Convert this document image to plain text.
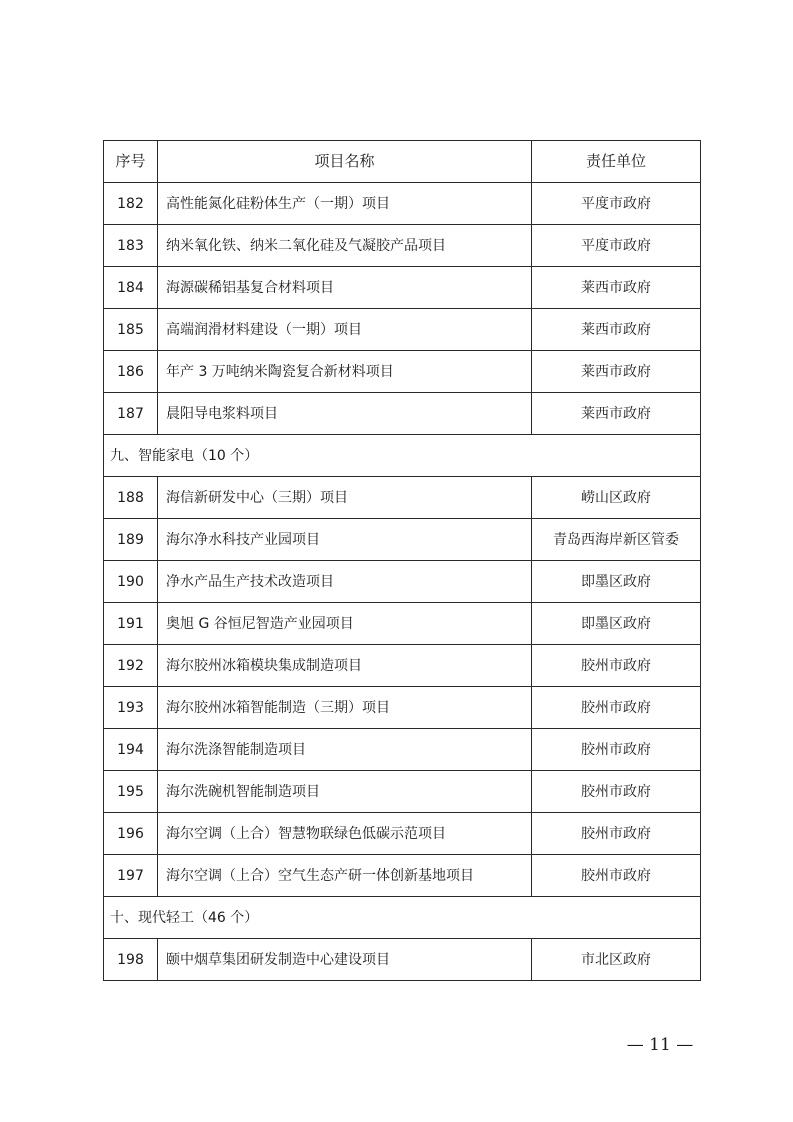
序号	项目名称	责任单位
182	高性能氮化硅粉体生产（一期）项目	平度市政府
183	纳米氧化铁、纳米二氧化硅及气凝胶产品项目	平度市政府
184	海源碳稀铝基复合材料项目	莱西市政府
185	高端润滑材料建设（一期）项目	莱西市政府
186	年产 3 万吨纳米陶瓷复合新材料项目	莱西市政府
187	晨阳导电浆料项目	莱西市政府
九、智能家电（10 个）		
188	海信新研发中心（三期）项目	崂山区政府
189	海尔净水科技产业园项目	青岛西海岸新区管委
190	净水产品生产技术改造项目	即墨区政府
191	奥旭 G 谷恒尼智造产业园项目	即墨区政府
192	海尔胶州冰箱模块集成制造项目	胶州市政府
193	海尔胶州冰箱智能制造（三期）项目	胶州市政府
194	海尔洗涤智能制造项目	胶州市政府
195	海尔洗碗机智能制造项目	胶州市政府
196	海尔空调（上合）智慧物联绿色低碳示范项目	胶州市政府
197	海尔空调（上合）空气生态产研一体创新基地项目	胶州市政府
十、现代轻工（46 个）		
198	颐中烟草集团研发制造中心建设项目	市北区政府
— 11 —
